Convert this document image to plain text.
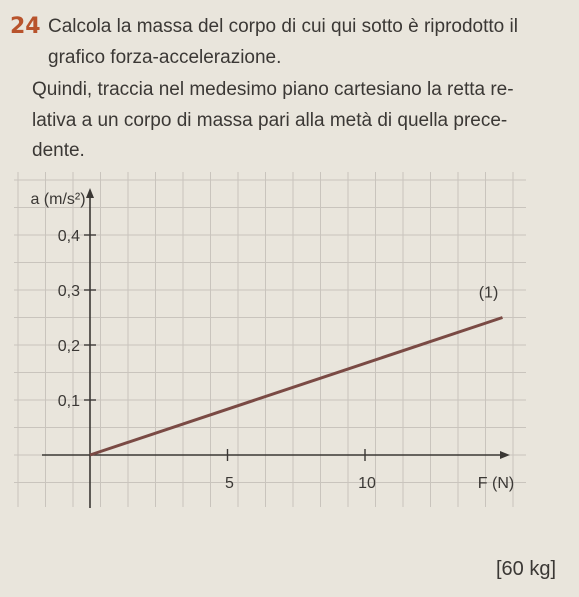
24 Calcola la massa del corpo di cui qui sotto è riprodotto il
grafico forza-accelerazione.
Quindi, traccia nel medesimo piano cartesiano la retta re-
lativa a un corpo di massa pari alla metà di quella prece-
dente.
0,1
0,2
0,3
0,4
5	10
(1)
a (m/s²)
F (N)
[60 kg]
